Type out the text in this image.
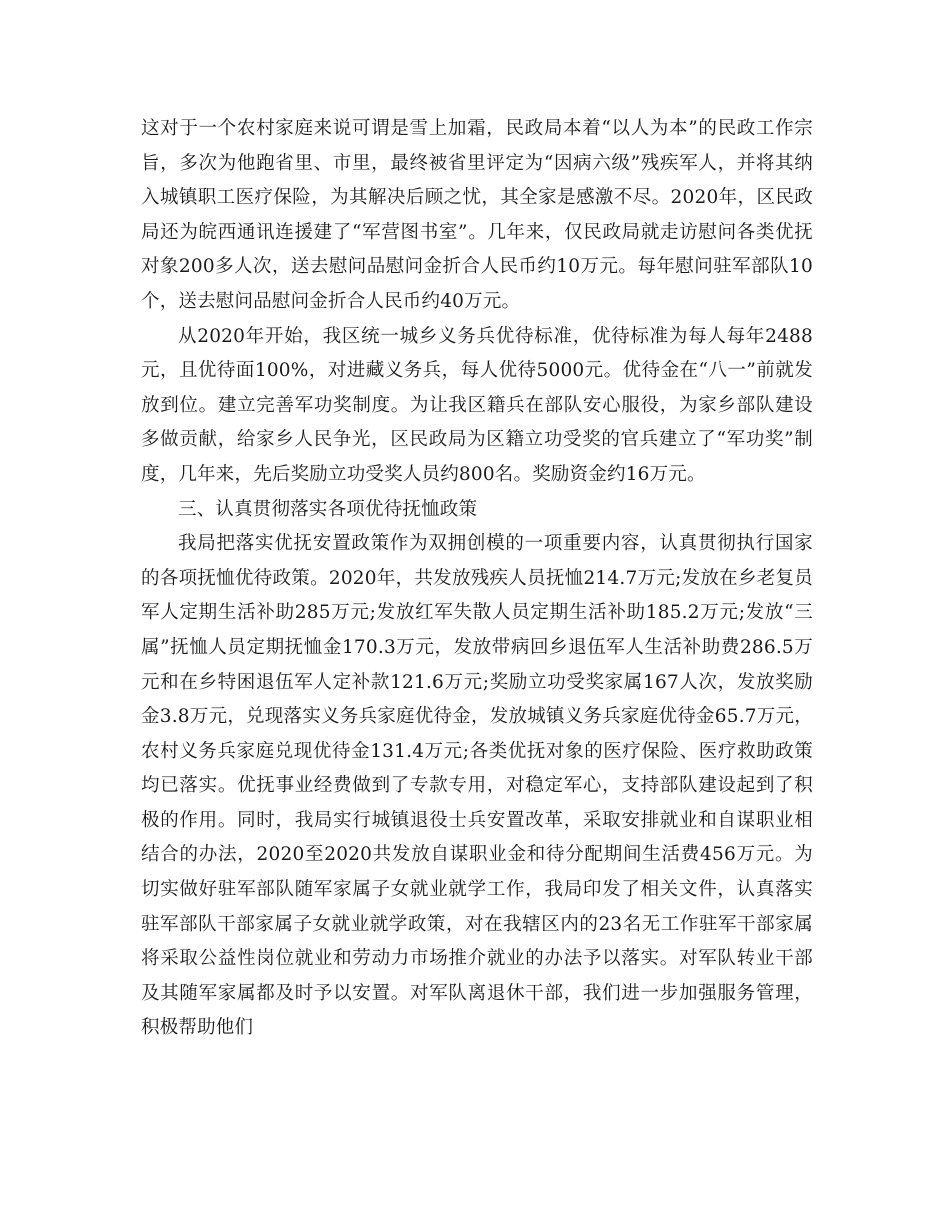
这对于一个农村家庭来说可谓是雪上加霜，民政局本着“以人为本”的民政工作宗旨，多次为他跑省里、市里，最终被省里评定为“因病六级”残疾军人，并将其纳入城镇职工医疗保险，为其解决后顾之忧，其全家是感激不尽。2020年，区民政局还为皖西通讯连援建了“军营图书室”。几年来，仅民政局就走访慰问各类优抚对象200多人次，送去慰问品慰问金折合人民币约10万元。每年慰问驻军部队10个，送去慰问品慰问金折合人民币约40万元。

从2020年开始，我区统一城乡义务兵优待标准，优待标准为每人每年2488元，且优待面100%，对进藏义务兵，每人优待5000元。优待金在“八一”前就发放到位。建立完善军功奖制度。为让我区籍兵在部队安心服役，为家乡部队建设多做贡献，给家乡人民争光，区民政局为区籍立功受奖的官兵建立了“军功奖”制度，几年来，先后奖励立功受奖人员约800名。奖励资金约16万元。

三、认真贯彻落实各项优待抚恤政策

我局把落实优抚安置政策作为双拥创模的一项重要内容，认真贯彻执行国家的各项抚恤优待政策。2020年，共发放残疾人员抚恤214.7万元;发放在乡老复员军人定期生活补助285万元;发放红军失散人员定期生活补助185.2万元;发放“三属”抚恤人员定期抚恤金170.3万元，发放带病回乡退伍军人生活补助费286.5万元和在乡特困退伍军人定补款121.6万元;奖励立功受奖家属167人次，发放奖励金3.8万元，兑现落实义务兵家庭优待金，发放城镇义务兵家庭优待金65.7万元，农村义务兵家庭兑现优待金131.4万元;各类优抚对象的医疗保险、医疗救助政策均已落实。优抚事业经费做到了专款专用，对稳定军心，支持部队建设起到了积极的作用。同时，我局实行城镇退役士兵安置改革，采取安排就业和自谋职业相结合的办法，2020至2020共发放自谋职业金和待分配期间生活费456万元。为切实做好驻军部队随军家属子女就业就学工作，我局印发了相关文件，认真落实驻军部队干部家属子女就业就学政策，对在我辖区内的23名无工作驻军干部家属将采取公益性岗位就业和劳动力市场推介就业的办法予以落实。对军队转业干部及其随军家属都及时予以安置。对军队离退休干部，我们进一步加强服务管理，积极帮助他们
